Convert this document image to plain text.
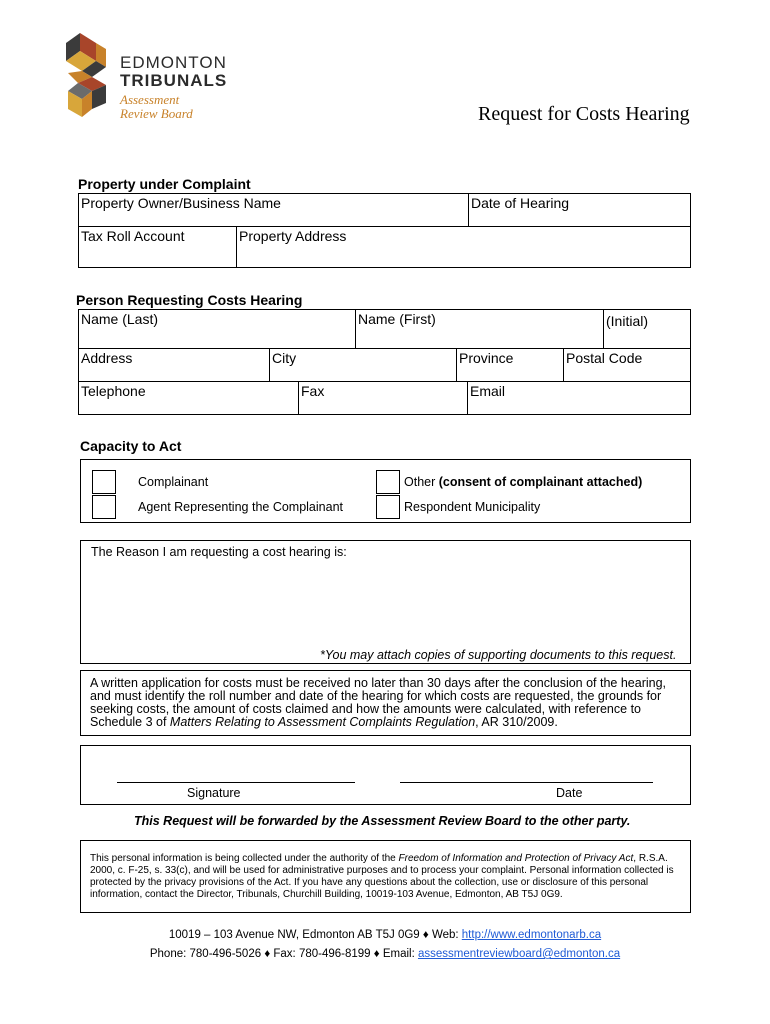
EDMONTON
TRIBUNALS
Assessment
Review Board	Request for Costs Hearing
Property under Complaint
Property Owner/Business Name	Date of Hearing
Tax Roll Account	Property Address
Person Requesting Costs Hearing
Name (Last)	Name (First)	(Initial)
Address	City	Province	Postal Code
Telephone	Fax	Email
Capacity to Act
Complainant
Agent Representing the Complainant
Other (consent of complainant attached)
Respondent Municipality
The Reason I am requesting a cost hearing is:
*You may attach copies of supporting documents to this request.
A written application for costs must be received no later than 30 days after the conclusion of the hearing, and must identify the roll number and date of the hearing for which costs are requested, the grounds for seeking costs, the amount of costs claimed and how the amounts were calculated, with reference to Schedule 3 of Matters Relating to Assessment Complaints Regulation, AR 310/2009.
Signature	Date
This Request will be forwarded by the Assessment Review Board to the other party.
This personal information is being collected under the authority of the Freedom of Information and Protection of Privacy Act, R.S.A. 2000, c. F-25, s. 33(c), and will be used for administrative purposes and to process your complaint. Personal information collected is protected by the privacy provisions of the Act. If you have any questions about the collection, use or disclosure of this personal information, contact the Director, Tribunals, Churchill Building, 10019-103 Avenue, Edmonton, AB T5J 0G9.
10019 – 103 Avenue NW, Edmonton AB T5J 0G9 ♦ Web: http://www.edmontonarb.ca
Phone: 780-496-5026 ♦ Fax: 780-496-8199 ♦ Email: assessmentreviewboard@edmonton.ca
